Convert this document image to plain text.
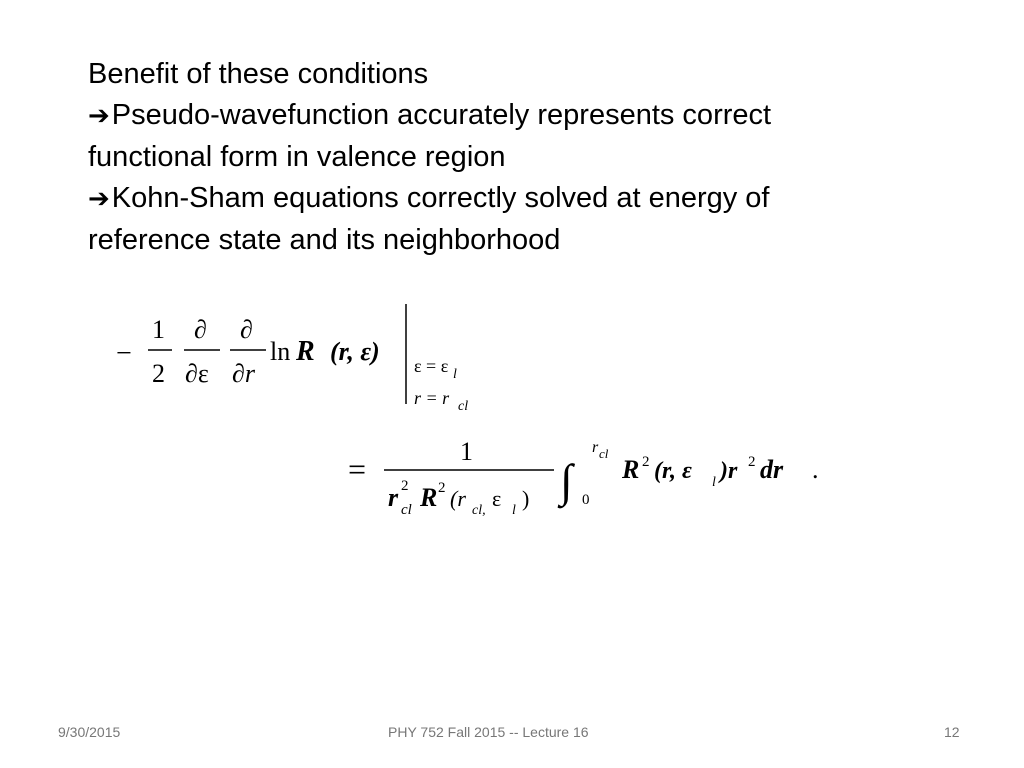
Benefit of these conditions
➔Pseudo-wavefunction accurately represents correct
functional form in valence region
➔Kohn-Sham equations correctly solved at energy of
reference state and its neighborhood
−
1
2
∂
∂ε
∂
∂r
ln R (r, ε) ε = ε l
r = r cl
=	1
r 2
cl R 2 (r cl, ε l ) ∫ 0
r cl
R 2 (r, ε l )r 2 dr .
9/30/2015	PHY 752 Fall 2015 -- Lecture 16	12
